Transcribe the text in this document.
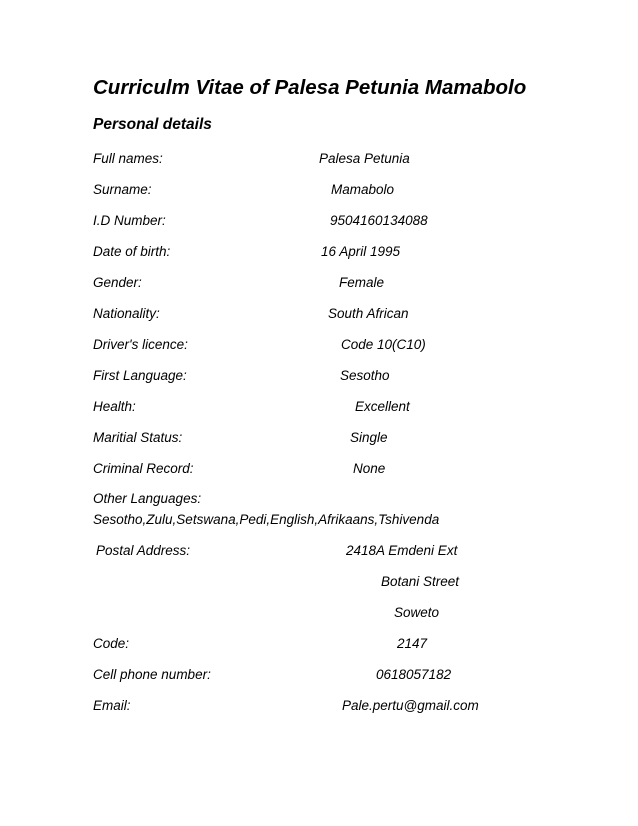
Curriculm Vitae of Palesa Petunia Mamabolo
Personal details
Full names:	Palesa Petunia
Surname:	Mamabolo
I.D Number:	9504160134088
Date of birth:	16 April 1995
Gender:	Female
Nationality:	South African
Driver's licence:	Code 10(C10)
First Language:	Sesotho
Health:	Excellent
Maritial Status:	Single
Criminal Record:	None
Other Languages:
Sesotho,Zulu,Setswana,Pedi,English,Afrikaans,Tshivenda
Postal Address:	2418A Emdeni Ext
Botani Street
Soweto
Code:	2147
Cell phone number:	0618057182
Email:	Pale.pertu@gmail.com
